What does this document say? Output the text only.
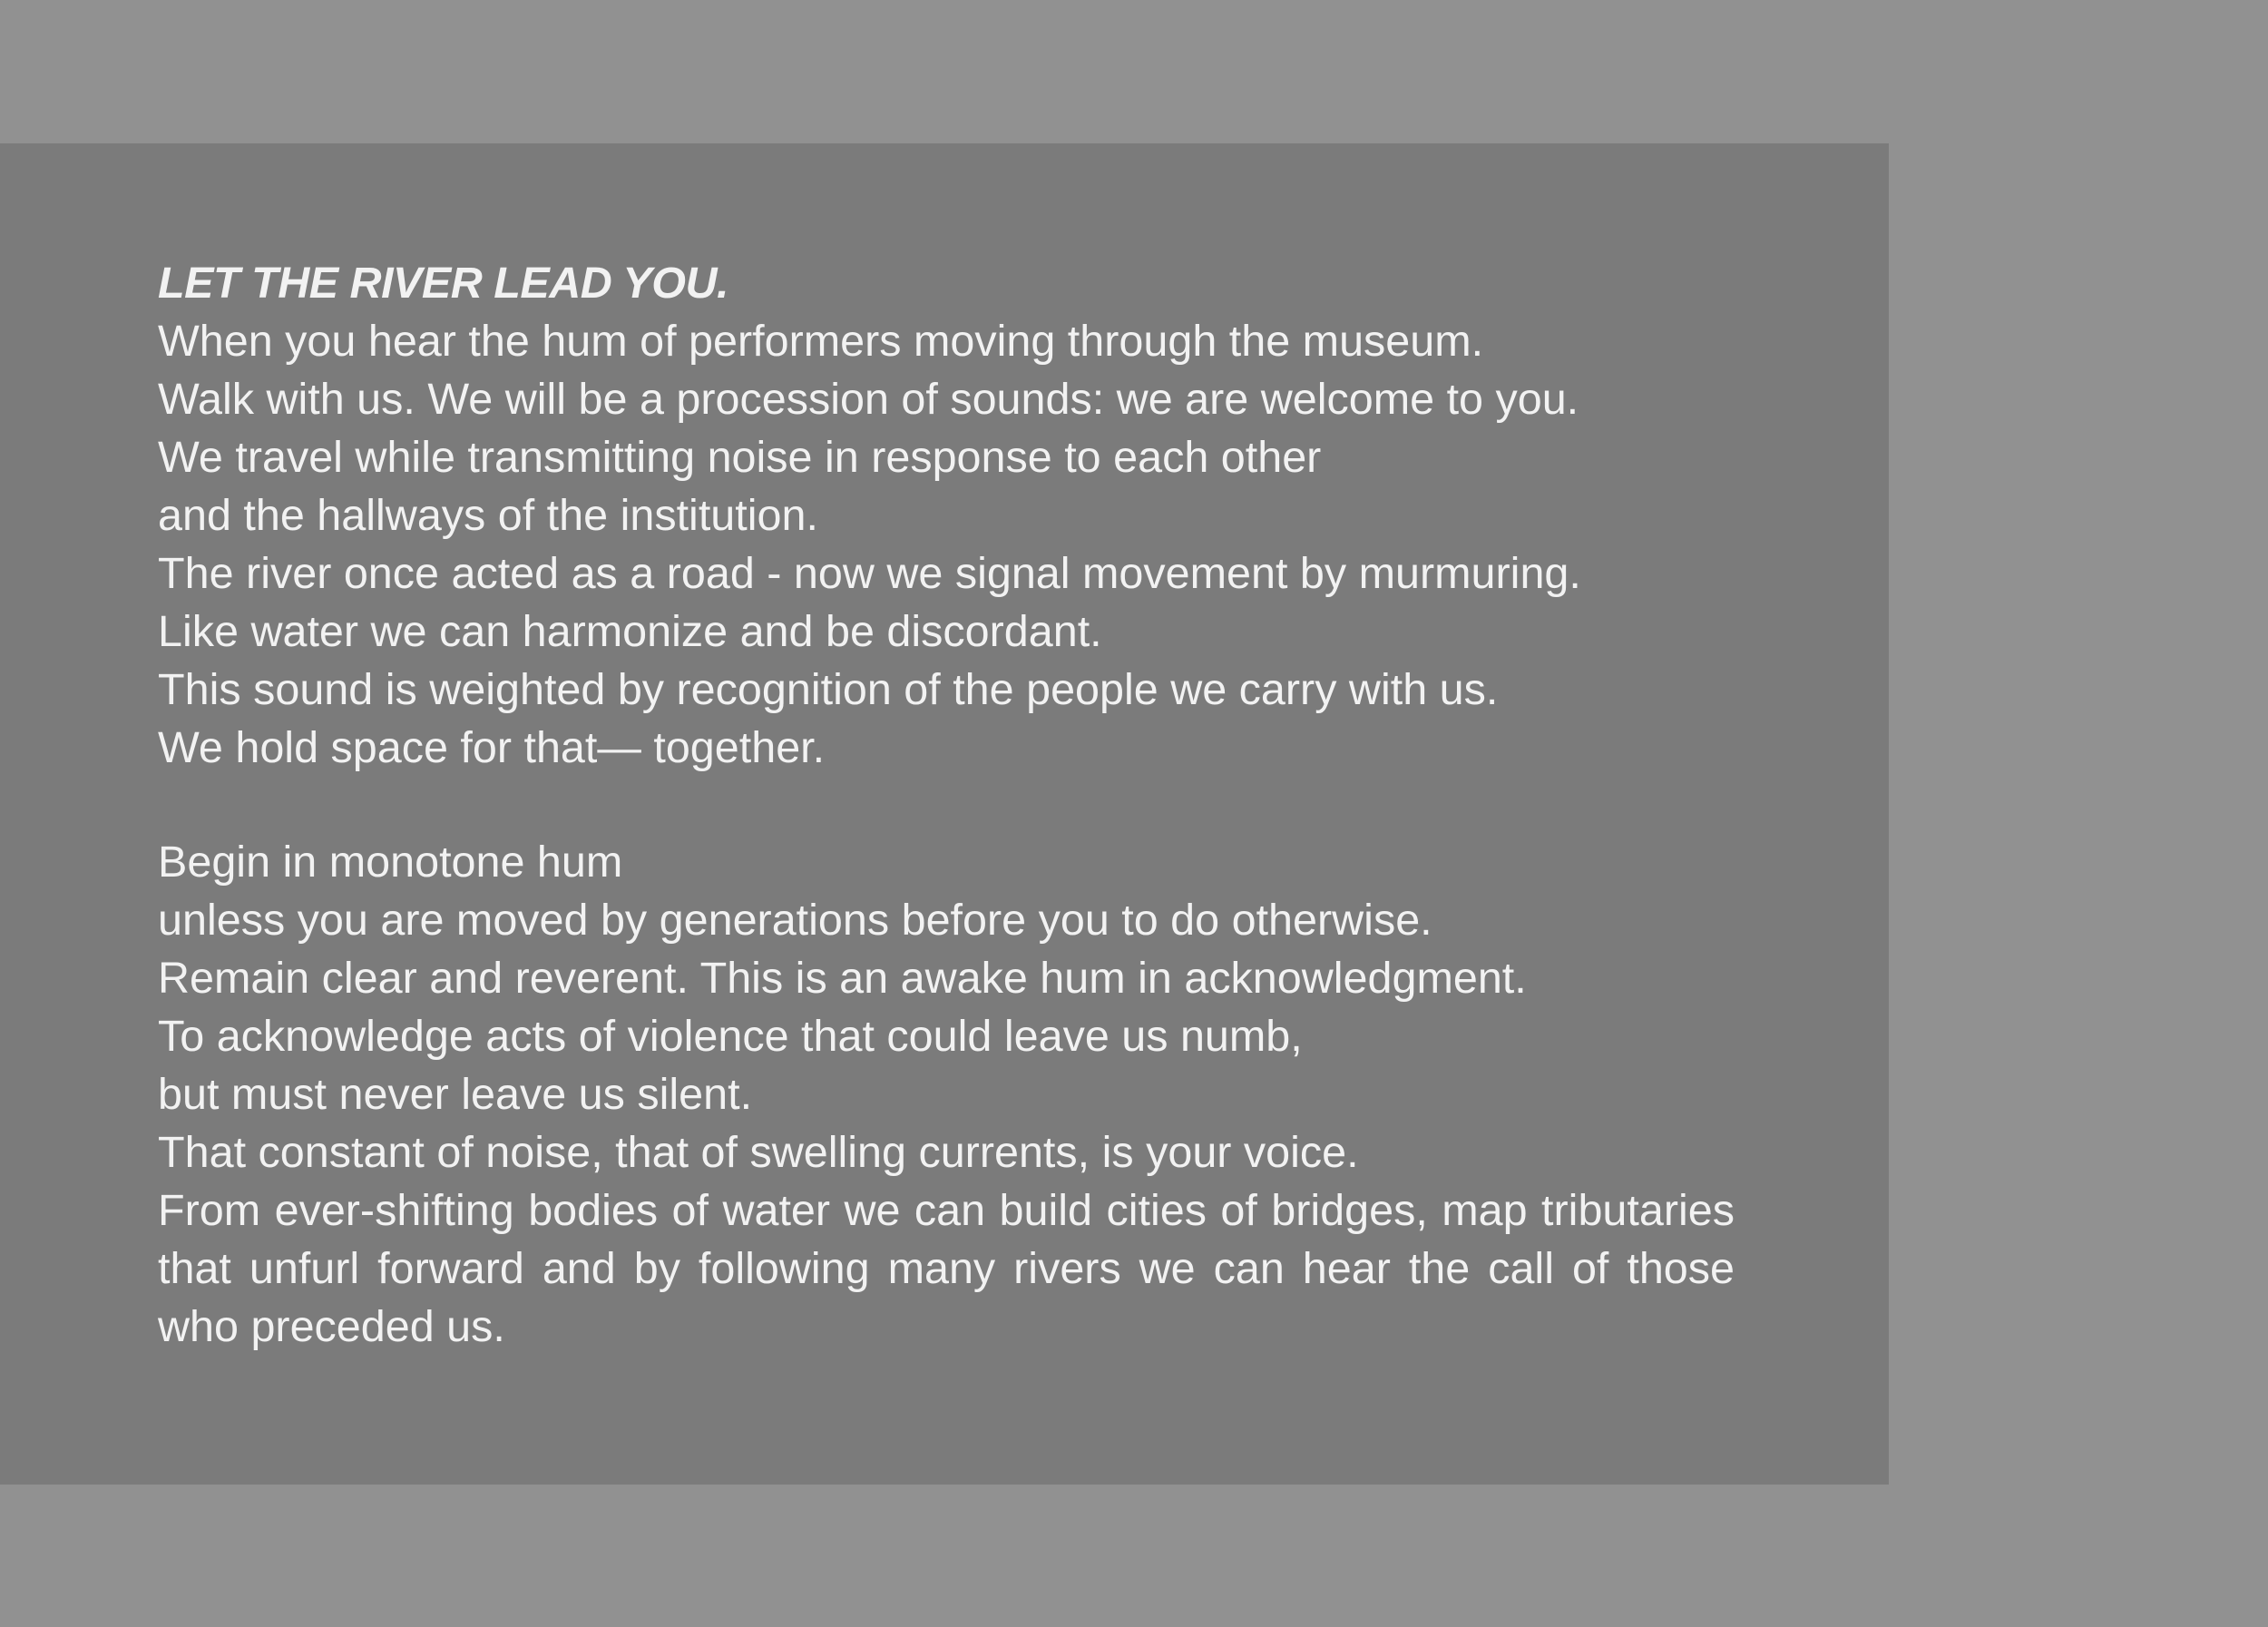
LET THE RIVER LEAD YOU.
When you hear the hum of performers moving through the museum.
Walk with us. We will be a procession of sounds: we are welcome to you.
We travel while transmitting noise in response to each other
and the hallways of the institution.
The river once acted as a road - now we signal movement by murmuring.
Like water we can harmonize and be discordant.
This sound is weighted by recognition of the people we carry with us.
We hold space for that— together.
Begin in monotone hum
unless you are moved by generations before you to do otherwise.
Remain clear and reverent. This is an awake hum in acknowledgment.
To acknowledge acts of violence that could leave us numb,
but must never leave us silent.
That constant of noise, that of swelling currents, is your voice.
From ever-shifting bodies of water we can build cities of bridges, map tributaries that unfurl forward and by following many rivers we can hear the call of those who preceded us.
